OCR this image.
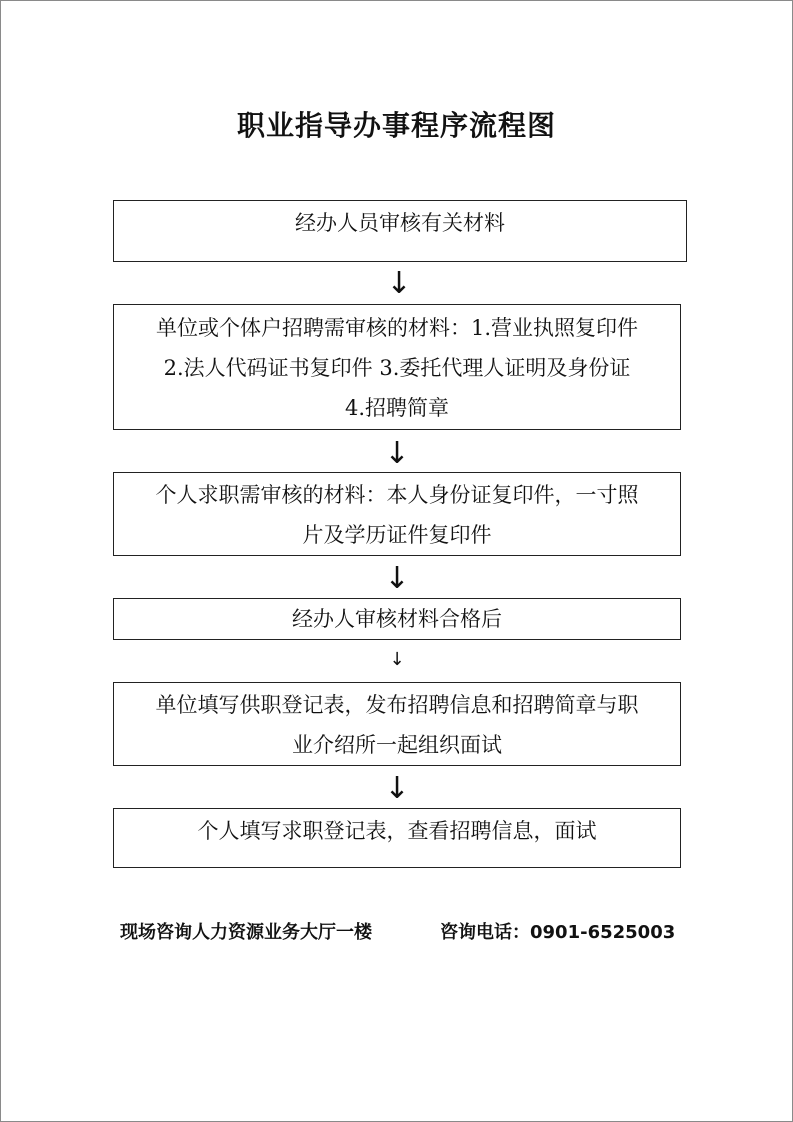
职业指导办事程序流程图
经办人员审核有关材料
↓
单位或个体户招聘需审核的材料：1.营业执照复印件
2.法人代码证书复印件 3.委托代理人证明及身份证
4.招聘简章
↓
个人求职需审核的材料：本人身份证复印件，一寸照
片及学历证件复印件
↓
经办人审核材料合格后
↓
单位填写供职登记表，发布招聘信息和招聘简章与职
业介绍所一起组织面试
↓
个人填写求职登记表，查看招聘信息，面试
现场咨询人力资源业务大厅一楼	咨询电话：0901-6525003
